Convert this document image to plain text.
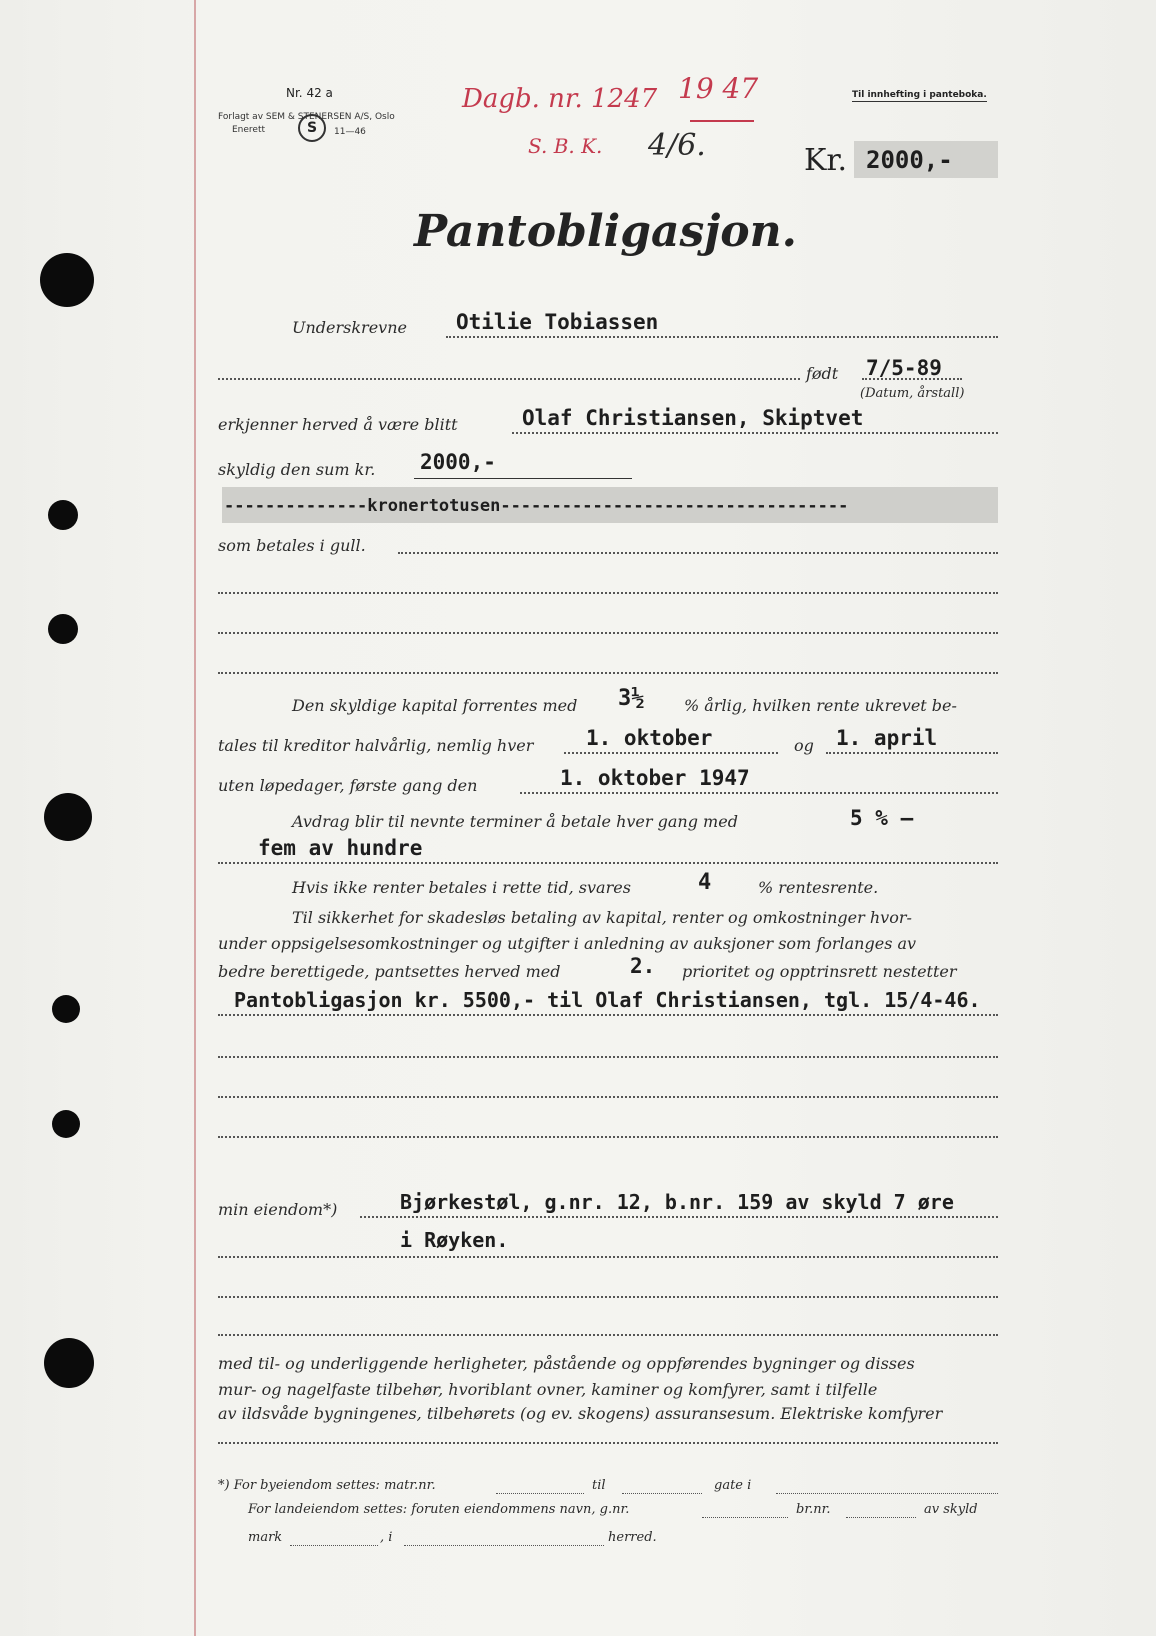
Nr. 42 a
Forlagt av SEM & STENERSEN A/S, Oslo
Enerett	S	11—46
Til innhefting i panteboka.
Dagb. nr. 1247 19 47
S. B. K. 4/6.	Kr. 2000,-
Pantobligasjon.
Underskrevne Otilie Tobiassen
født 7/5-89
(Datum, årstall)
erkjenner herved å være blitt	Olaf Christiansen, Skiptvet
skyldig den sum kr. 2000,-
--------------kronertotusen----------------------------------
som betales i gull.
Den skyldige kapital forrentes med 3½ % årlig, hvilken rente ukrevet be-
tales til kreditor halvårlig, nemlig hver	1. oktober	og 1. april
uten løpedager, første gang den	1. oktober 1947
Avdrag blir til nevnte terminer å betale hver gang med	5 % —
fem av hundre
Hvis ikke renter betales i rette tid, svares	4	% rentesrente.
Til sikkerhet for skadesløs betaling av kapital, renter og omkostninger hvor-
under oppsigelsesomkostninger og utgifter i anledning av auksjoner som forlanges av
bedre berettigede, pantsettes herved med	2. prioritet og opptrinsrett nestetter
Pantobligasjon kr. 5500,- til Olaf Christiansen, tgl. 15/4-46.
min eiendom*)	Bjørkestøl, g.nr. 12, b.nr. 159 av skyld 7 øre
i Røyken.
med til- og underliggende herligheter, påstående og oppførendes bygninger og disses
mur- og nagelfaste tilbehør, hvoriblant ovner, kaminer og komfyrer, samt i tilfelle
av ildsvåde bygningenes, tilbehørets (og ev. skogens) assuransesum. Elektriske komfyrer
*) For byeiendom settes: matr.nr.	til	gate i
For landeiendom settes: foruten eiendommens navn, g.nr.	br.nr.	av skyld
mark	, i	herred.
